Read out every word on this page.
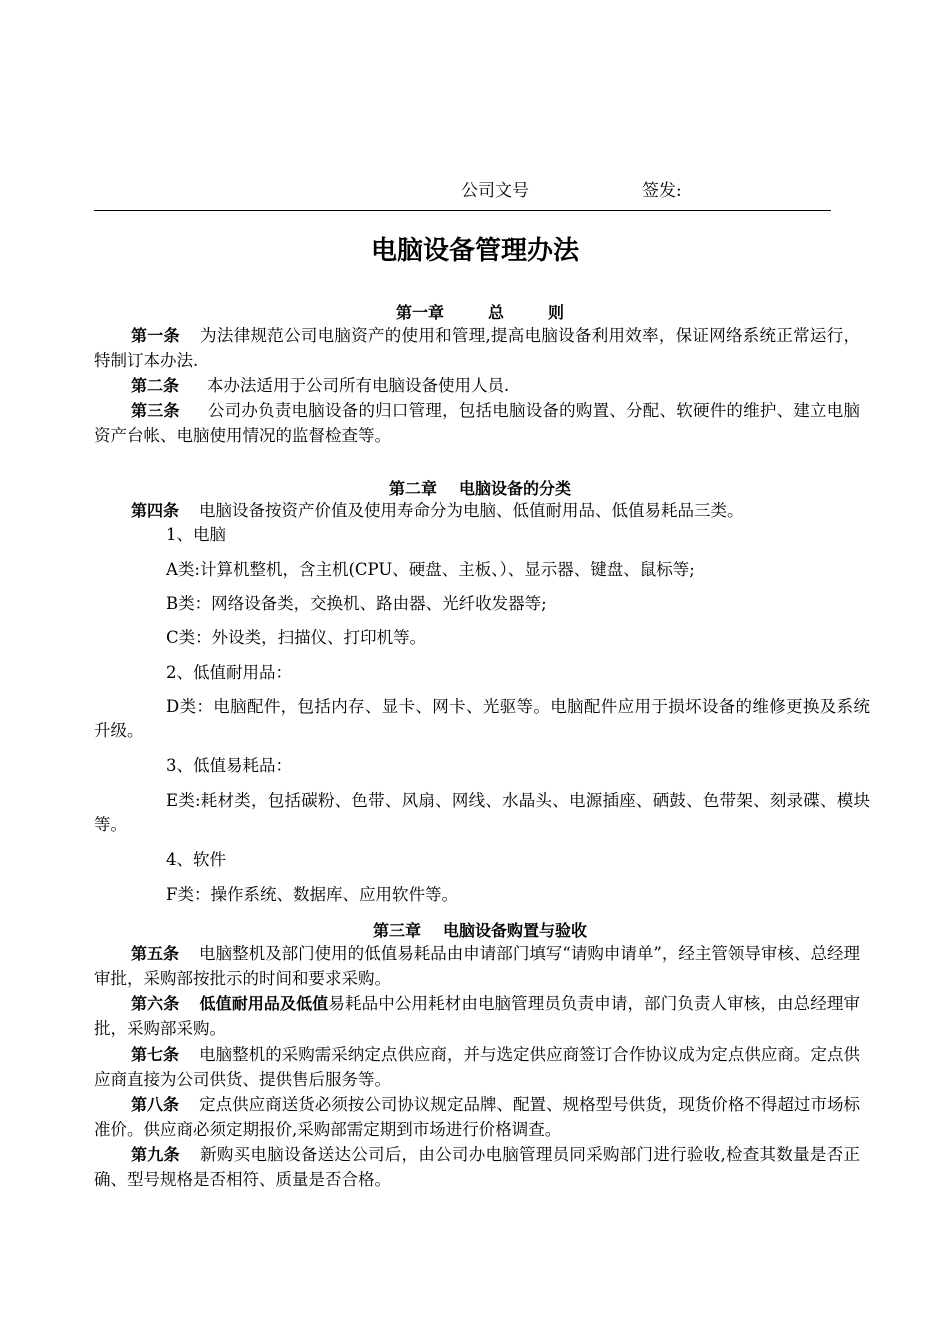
公司文号	签发:
电脑设备管理办法
第一章	总	则
第一条 为法律规范公司电脑资产的使用和管理,提高电脑设备利用效率，保证网络系统正常运行，特制订本办法.
第二条 本办法适用于公司所有电脑设备使用人员.
第三条 公司办负责电脑设备的归口管理，包括电脑设备的购置、分配、软硬件的维护、建立电脑资产台帐、电脑使用情况的监督检查等。
第二章 电脑设备的分类
第四条 电脑设备按资产价值及使用寿命分为电脑、低值耐用品、低值易耗品三类。
1、电脑
A类:计算机整机，含主机(CPU、硬盘、主板、）、显示器、键盘、鼠标等;
B类：网络设备类，交换机、路由器、光纤收发器等;
C类：外设类，扫描仪、打印机等。
2、低值耐用品：
D类：电脑配件，包括内存、显卡、网卡、光驱等。电脑配件应用于损坏设备的维修更换及系统升级。
3、低值易耗品：
E类:耗材类，包括碳粉、色带、风扇、网线、水晶头、电源插座、硒鼓、色带架、刻录碟、模块等。
4、软件
F类：操作系统、数据库、应用软件等。
第三章 电脑设备购置与验收
第五条 电脑整机及部门使用的低值易耗品由申请部门填写“请购申请单”，经主管领导审核、总经理审批，采购部按批示的时间和要求采购。
第六条 低值耐用品及低值易耗品中公用耗材由电脑管理员负责申请，部门负责人审核，由总经理审批，采购部采购。
第七条 电脑整机的采购需采纳定点供应商，并与选定供应商签订合作协议成为定点供应商。定点供应商直接为公司供货、提供售后服务等。
第八条 定点供应商送货必须按公司协议规定品牌、配置、规格型号供货，现货价格不得超过市场标准价。供应商必须定期报价,采购部需定期到市场进行价格调查。
第九条 新购买电脑设备送达公司后，由公司办电脑管理员同采购部门进行验收,检查其数量是否正确、型号规格是否相符、质量是否合格。
